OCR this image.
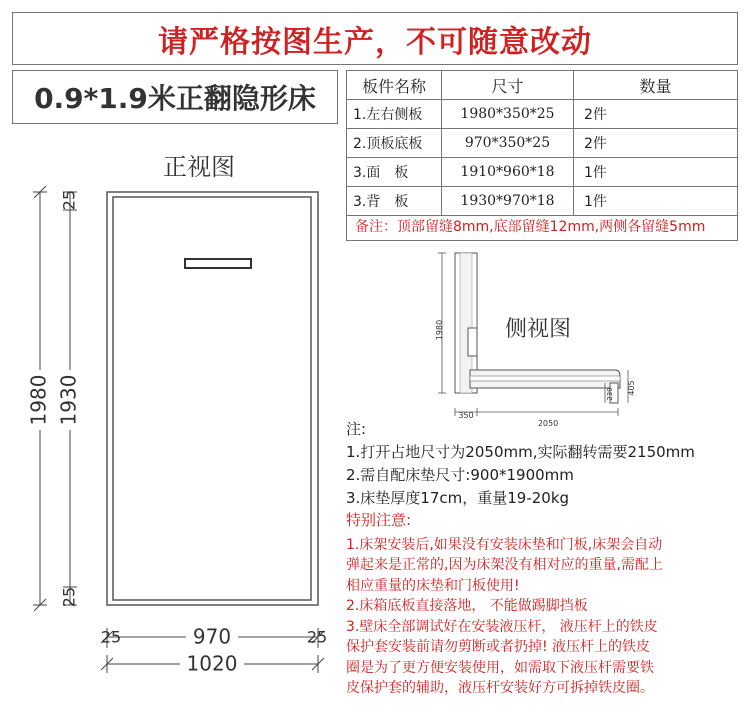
请严格按图生产，不可随意改动
0.9*1.9米正翻隐形床
正视图
1980 1930
25
25
970
25	25
1020
板件名称	尺寸	数量
1.左右侧板	1980*350*25	2件
2.顶板底板	970*350*25	2件
3.面　板	1910*960*18	1件
3.背　板	1930*970*18	1件
备注：顶部留缝8mm,底部留缝12mm,两侧各留缝5mm
1980
405
239
350
2050
侧视图
注:
1.打开占地尺寸为2050mm,实际翻转需要2150mm
2.需自配床垫尺寸:900*1900mm
3.床垫厚度17cm，重量19-20kg
特别注意:
1.床架安装后,如果没有安装床垫和门板,床架会自动
弹起来是正常的,因为床架没有相对应的重量,需配上
相应重量的床垫和门板使用!
2.床箱底板直接落地， 不能做踢脚挡板
3.壁床全部调试好在安装液压杆， 液压杆上的铁皮
保护套安装前请勿剪断或者扔掉! 液压杆上的铁皮
圈是为了更方便安装使用，如需取下液压杆需要铁
皮保护套的辅助，液压杆安装好方可拆掉铁皮圈。
